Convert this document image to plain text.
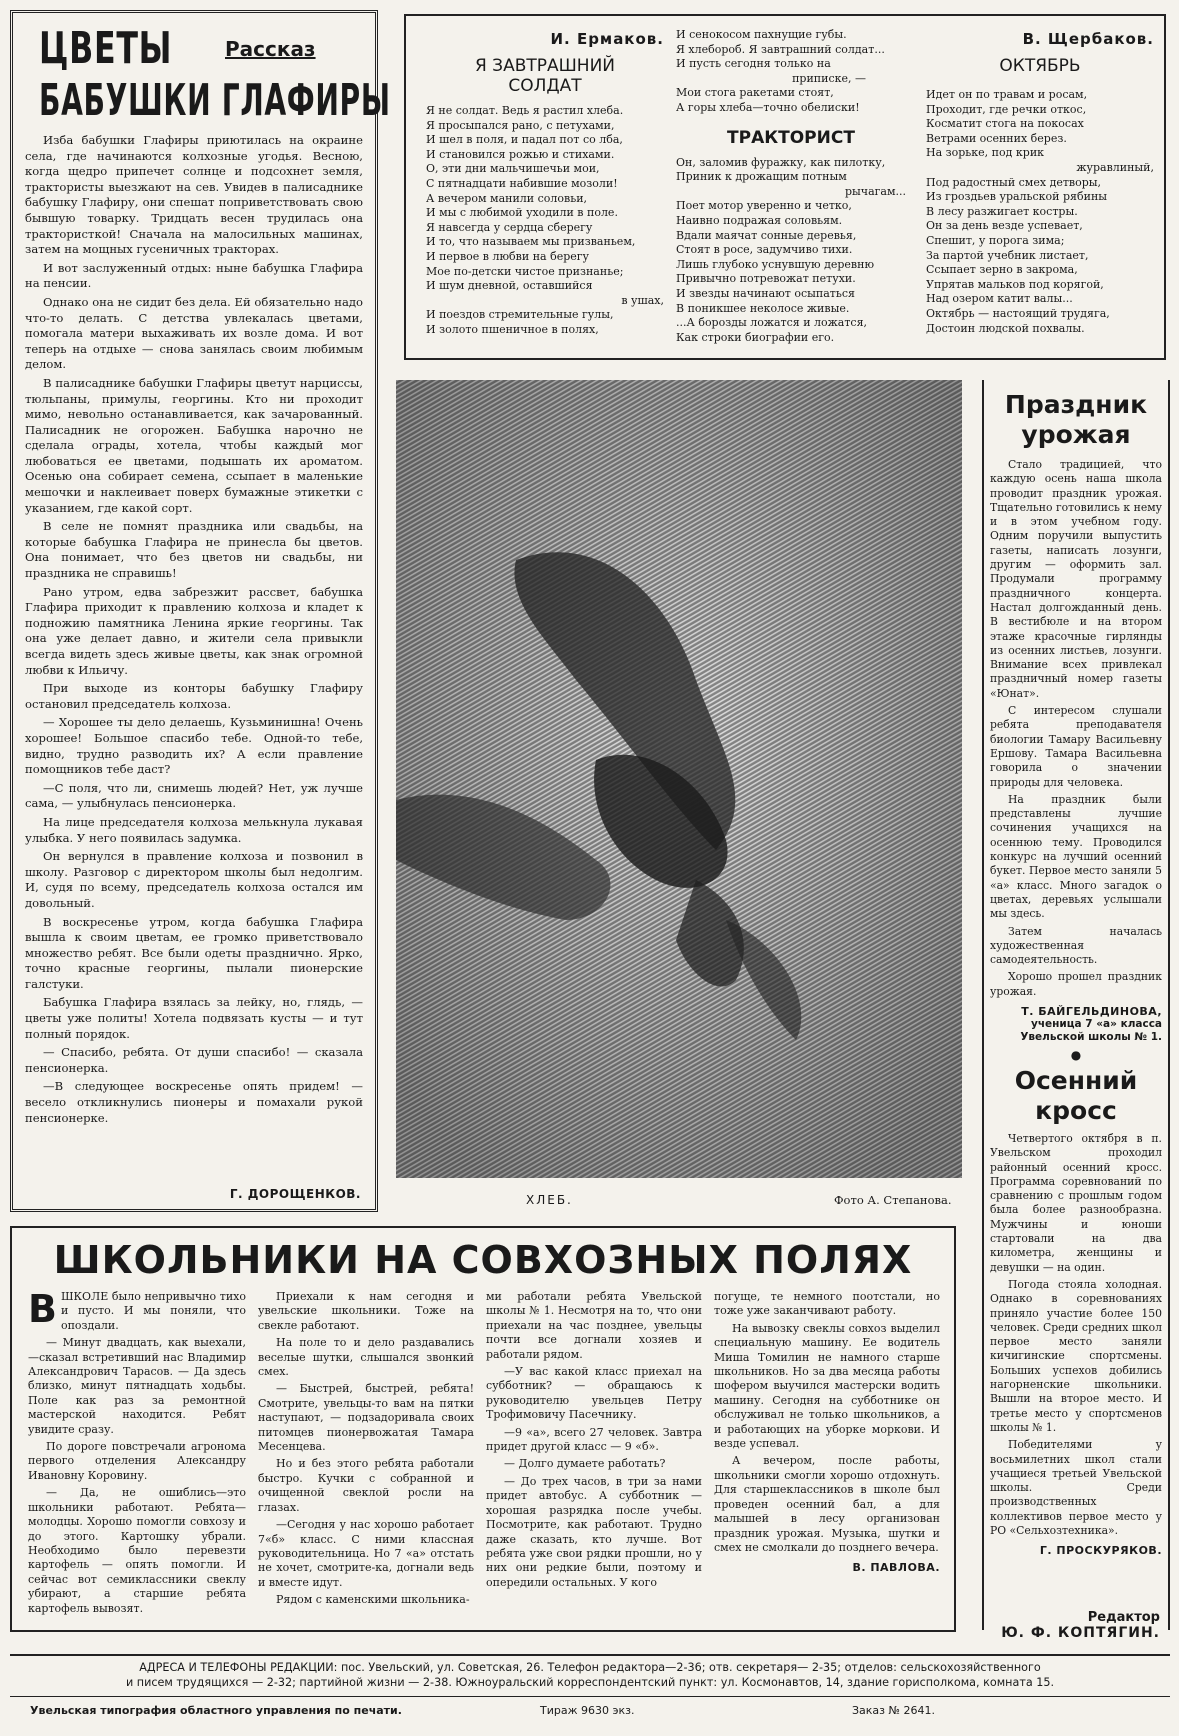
ЦВЕТЫ	Рассказ
БАБУШКИ ГЛАФИРЫ

Изба бабушки Глафиры приютилась на окраине села, где начинаются колхозные угодья. Весною, когда щедро припечет солнце и подсохнет земля, трактористы выезжают на сев. Увидев в палисаднике бабушку Глафиру, они спешат поприветствовать свою бывшую товарку. Тридцать весен трудилась она трактористкой! Сначала на малосильных машинах, затем на мощных гусеничных тракторах.

И вот заслуженный отдых: ныне бабушка Глафира на пенсии.

Однако она не сидит без дела. Ей обязательно надо что-то делать. С детства увлекалась цветами, помогала матери выхаживать их возле дома. И вот теперь на отдыхе — снова занялась своим любимым делом.

В палисаднике бабушки Глафиры цветут нарциссы, тюльпаны, примулы, георгины. Кто ни проходит мимо, невольно останавливается, как зачарованный. Палисадник не огорожен. Бабушка нарочно не сделала ограды, хотела, чтобы каждый мог любоваться ее цветами, подышать их ароматом. Осенью она собирает семена, ссыпает в маленькие мешочки и наклеивает поверх бумажные этикетки с указанием, где какой сорт.

В селе не помнят праздника или свадьбы, на которые бабушка Глафира не принесла бы цветов. Она понимает, что без цветов ни свадьбы, ни праздника не справишь!

Рано утром, едва забрезжит рассвет, бабушка Глафира приходит к правлению колхоза и кладет к подножию памятника Ленина яркие георгины. Так она уже делает давно, и жители села привыкли всегда видеть здесь живые цветы, как знак огромной любви к Ильичу.

При выходе из конторы бабушку Глафиру остановил председатель колхоза.

— Хорошее ты дело делаешь, Кузьминишна! Очень хорошее! Большое спасибо тебе. Одной-то тебе, видно, трудно разводить их? А если правление помощников тебе даст?

—С поля, что ли, снимешь людей? Нет, уж лучше сама, — улыбнулась пенсионерка.

На лице председателя колхоза мелькнула лукавая улыбка. У него появилась задумка.

Он вернулся в правление колхоза и позвонил в школу. Разговор с директором школы был недолгим. И, судя по всему, председатель колхоза остался им довольный.

В воскресенье утром, когда бабушка Глафира вышла к своим цветам, ее громко приветствовало множество ребят. Все были одеты празднично. Ярко, точно красные георгины, пылали пионерские галстуки.

Бабушка Глафира взялась за лейку, но, глядь, — цветы уже политы! Хотела подвязать кусты — и тут полный порядок.

— Спасибо, ребята. От души спасибо! — сказала пенсионерка.

—В следующее воскресенье опять придем! — весело откликнулись пионеры и помахали рукой пенсионерке.

Г. ДОРОЩЕНКОВ.
И. Ермаков.
Я ЗАВТРАШНИЙ СОЛДАТ
Я не солдат. Ведь я растил хлеба.
Я просыпался рано, с петухами,
И шел в поля, и падал пот со лба,
И становился рожью и стихами.
О, эти дни мальчишечьи мои,
С пятнадцати набившие мозоли!
А вечером манили соловьи,
И мы с любимой уходили в поле.
Я навсегда у сердца сберегу
И то, что называем мы призваньем,
И первое в любви на берегу
Мое по-детски чистое признанье;
И шум дневной, оставшийся
в ушах,
И поездов стремительные гулы,
И золото пшеничное в полях,
И сенокосом пахнущие губы.
Я хлебороб. Я завтрашний солдат...
И пусть сегодня только на
приписке, —
Мои стога ракетами стоят,
А горы хлеба—точно обелиски!
ТРАКТОРИСТ
Он, заломив фуражку, как пилотку,
Приник к дрожащим потным
рычагам...
Поет мотор уверенно и четко,
Наивно подражая соловьям.
Вдали маячат сонные деревья,
Стоят в росе, задумчиво тихи.
Лишь глубоко уснувшую деревню
Привычно потревожат петухи.
И звезды начинают осыпаться
В поникшее неколосе живые.
...А борозды ложатся и ложатся,
Как строки биографии его.
В. Щербаков.
ОКТЯБРЬ
Идет он по травам и росам,
Проходит, где речки откос,
Косматит стога на покосах
Ветрами осенних берез.
На зорьке, под крик
журавлиный,
Под радостный смех детворы,
Из гроздьев уральской рябины
В лесу разжигает костры.
Он за день везде успевает,
Спешит, у порога зима;
За партой учебник листает,
Ссыпает зерно в закрома,
Упрятав мальков под корягой,
Над озером катит валы...
Октябрь — настоящий трудяга,
Достоин людской похвалы.
ХЛЕБ.	Фото А. Степанова.
Праздник
урожая

Стало традицией, что каждую осень наша школа проводит праздник урожая. Тщательно готовились к нему и в этом учебном году. Одним поручили выпустить газеты, написать лозунги, другим — оформить зал. Продумали программу праздничного концерта. Настал долгожданный день. В вестибюле и на втором этаже красочные гирлянды из осенних листьев, лозунги. Внимание всех привлекал праздничный номер газеты «Юнат».

С интересом слушали ребята преподавателя биологии Тамару Васильевну Ершову. Тамара Васильевна говорила о значении природы для человека.

На праздник были представлены лучшие сочинения учащихся на осеннюю тему. Проводился конкурс на лучший осенний букет. Первое место заняли 5 «а» класс. Много загадок о цветах, деревьях услышали мы здесь.

Затем началась художественная самодеятельность.

Хорошо прошел праздник урожая.

Т. БАЙГЕЛЬДИНОВА,
ученица 7 «а» класса Увельской школы № 1.
●
Осенний
кросс

Четвертого октября в п. Увельском проходил районный осенний кросс. Программа соревнований по сравнению с прошлым годом была более разнообразна. Мужчины и юноши стартовали на два километра, женщины и девушки — на один.

Погода стояла холодная. Однако в соревнованиях приняло участие более 150 человек. Среди средних школ первое место заняли кичигинские спортсмены. Больших успехов добились нагорненские школьники. Вышли на второе место. И третье место у спортсменов школы № 1.

Победителями у восьмилетних школ стали учащиеся третьей Увельской школы. Среди производственных коллективов первое место у РО «Сельхозтехника».

Г. ПРОСКУРЯКОВ.
Редактор
Ю. Ф. КОПТЯГИН.
ШКОЛЬНИКИ НА СОВХОЗНЫХ ПОЛЯХ
В ШКОЛЕ было непривычно тихо и пусто. И мы поняли, что опоздали.

— Минут двадцать, как выехали,—сказал встретивший нас Владимир Александрович Тарасов. — Да здесь близко, минут пятнадцать ходьбы. Поле как раз за ремонтной мастерской находится. Ребят увидите сразу.

По дороге повстречали агронома первого отделения Александру Ивановну Коровину.

— Да, не ошиблись—это школьники работают. Ребята—молодцы. Хорошо помогли совхозу и до этого. Картошку убрали. Необходимо было перевезти картофель — опять помогли. И сейчас вот семиклассники свеклу убирают, а старшие ребята картофель вывозят.

Приехали к нам сегодня и увельские школьники. Тоже на свекле работают.

На поле то и дело раздавались веселые шутки, слышался звонкий смех.

— Быстрей, быстрей, ребята! Смотрите, увельцы-то вам на пятки наступают, — подзадоривала своих питомцев пионервожатая Тамара Месенцева.

Но и без этого ребята работали быстро. Кучки с собранной и очищенной свеклой росли на глазах.

—Сегодня у нас хорошо работает 7«б» класс. С ними классная руководительница. Но 7 «а» отстать не хочет, смотрите-ка, догнали ведь и вместе идут.

Рядом с каменскими школьника-

ми работали ребята Увельской школы № 1. Несмотря на то, что они приехали на час позднее, увельцы почти все догнали хозяев и работали рядом.

—У вас какой класс приехал на субботник? — обращаюсь к руководителю увельцев Петру Трофимовичу Пасечнику.

—9 «а», всего 27 человек. Завтра придет другой класс — 9 «б».

— Долго думаете работать?

— До трех часов, в три за нами придет автобус. А субботник — хорошая разрядка после учебы. Посмотрите, как работают. Трудно даже сказать, кто лучше. Вот ребята уже свои рядки прошли, но у них они редкие были, поэтому и опередили остальных. У кого

погуще, те немного поотстали, но тоже уже заканчивают работу.

На вывозку свеклы совхоз выделил специальную машину. Ее водитель Миша Томилин не намного старше школьников. Но за два месяца работы шофером выучился мастерски водить машину. Сегодня на субботнике он обслуживал не только школьников, а и работающих на уборке моркови. И везде успевал.

А вечером, после работы, школьники смогли хорошо отдохнуть. Для старшеклассников в школе был проведен осенний бал, а для малышей в лесу организован праздник урожая. Музыка, шутки и смех не смолкали до позднего вечера.

В. ПАВЛОВА.
АДРЕСА И ТЕЛЕФОНЫ РЕДАКЦИИ: пос. Увельский, ул. Советская, 26. Телефон редактора—2-36; отв. секретаря— 2-35; отделов: сельскохозяйственного
и писем трудящихся — 2-32; партийной жизни — 2-38. Южноуральский корреспондентский пункт: ул. Космонавтов, 14, здание горисполкома, комната 15.
Увельская типография областного управления по печати.	Тираж 9630 экз.	Заказ № 2641.
